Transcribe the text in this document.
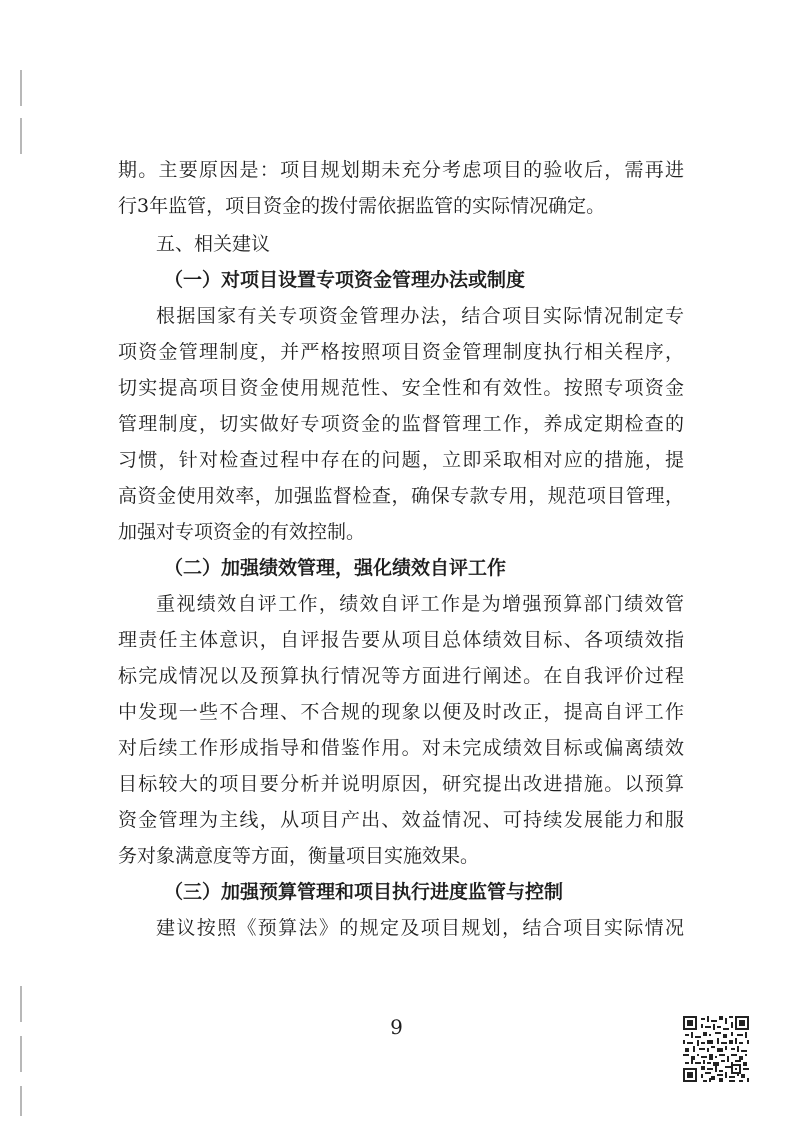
期。主要原因是：项目规划期未充分考虑项目的验收后，需再进
行3年监管，项目资金的拨付需依据监管的实际情况确定。
五、相关建议
（一）对项目设置专项资金管理办法或制度
根据国家有关专项资金管理办法，结合项目实际情况制定专
项资金管理制度，并严格按照项目资金管理制度执行相关程序，
切实提高项目资金使用规范性、安全性和有效性。按照专项资金
管理制度，切实做好专项资金的监督管理工作，养成定期检查的
习惯，针对检查过程中存在的问题，立即采取相对应的措施，提
高资金使用效率，加强监督检查，确保专款专用，规范项目管理，
加强对专项资金的有效控制。
（二）加强绩效管理，强化绩效自评工作
重视绩效自评工作，绩效自评工作是为增强预算部门绩效管
理责任主体意识，自评报告要从项目总体绩效目标、各项绩效指
标完成情况以及预算执行情况等方面进行阐述。在自我评价过程
中发现一些不合理、不合规的现象以便及时改正，提高自评工作
对后续工作形成指导和借鉴作用。对未完成绩效目标或偏离绩效
目标较大的项目要分析并说明原因，研究提出改进措施。以预算
资金管理为主线，从项目产出、效益情况、可持续发展能力和服
务对象满意度等方面，衡量项目实施效果。
（三）加强预算管理和项目执行进度监管与控制
建议按照《预算法》的规定及项目规划，结合项目实际情况
9
